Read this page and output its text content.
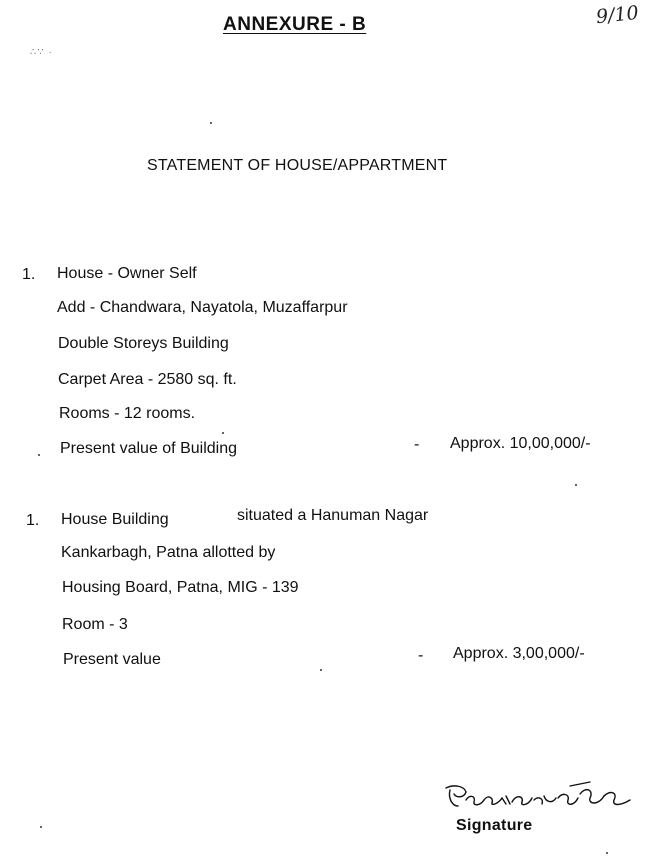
ANNEXURE - B	9/10
∴∵ ·
STATEMENT OF HOUSE/APPARTMENT
1. House - Owner Self
Add - Chandwara, Nayatola, Muzaffarpur
Double Storeys Building
Carpet Area - 2580 sq. ft.
Rooms - 12 rooms.
Present value of Building	- Approx. 10,00,000/-
1. House Building	situated a Hanuman Nagar
Kankarbagh, Patna allotted by
Housing Board, Patna, MIG - 139
Room - 3
Present value	- Approx. 3,00,000/-
Signature
